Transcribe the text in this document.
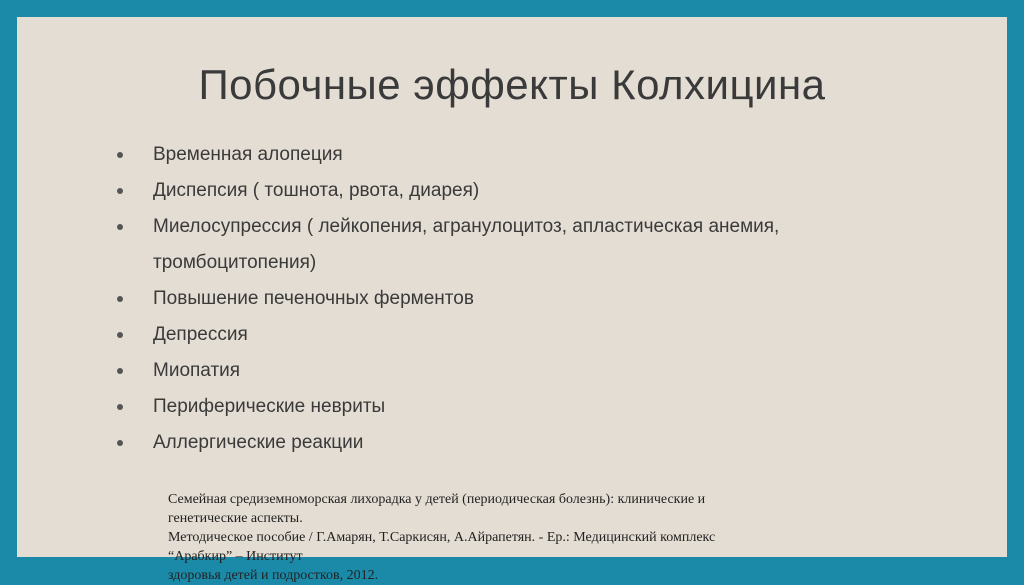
Побочные эффекты Колхицина
Временная алопеция
Диспепсия ( тошнота, рвота, диарея)
Миелосупрессия ( лейкопения, агранулоцитоз, апластическая анемия, тромбоцитопения)
Повышение печеночных ферментов
Депрессия
Миопатия
Периферические невриты
Аллергические реакции
Семейная средиземноморская лихорадка у детей (периодическая болезнь): клинические и генетические аспекты.
Методическое пособие / Г.Амарян, Т.Саркисян, А.Айрапетян. - Ер.: Медицинский комплекс “Арабкир” – Институт
здоровья детей и подростков, 2012.
